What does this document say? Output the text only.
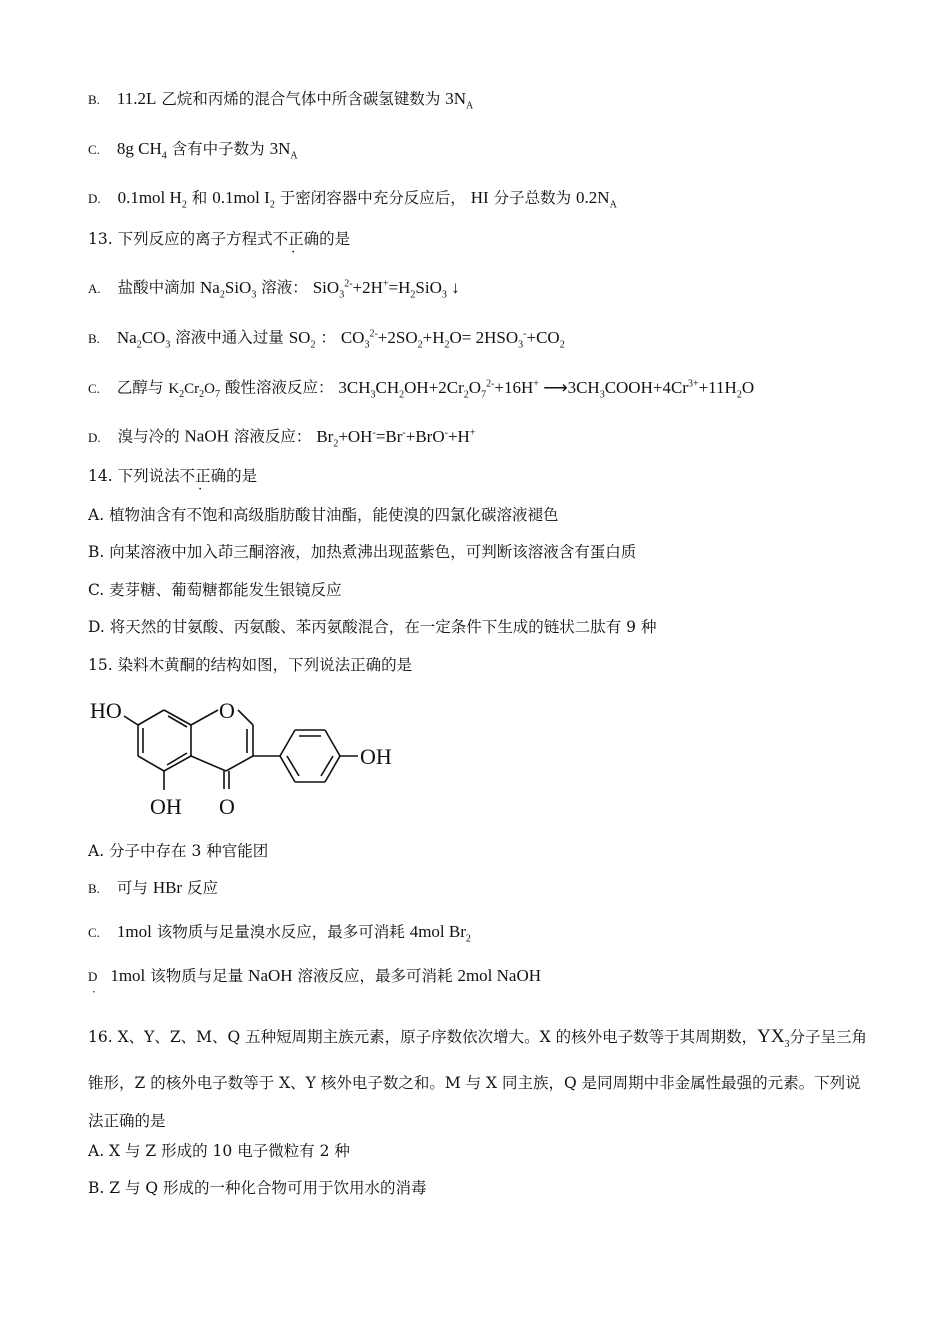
B. 11.2L 乙烷和丙烯的混合气体中所含碳氢键数为 $3N_A$
C. 8g $CH_4$ 含有中子数为 $3N_A$
D. 0.1mol $H_2$ 和 0.1mol $I_2$ 于密闭容器中充分反应后， HI 分子总数为 $0.2N_A$
13. 下列反应的离子方程式不正确的是
A. 盐酸中滴加 $Na_2SiO_3$ 溶液： $SiO_3^{2-}+2H^+=H_2SiO_3$ ↓
B. $Na_2CO_3$ 溶液中通入过量 $SO_2$ ： $CO_3^{2-}+2SO_2+H_2O= 2HSO_3^-+CO_2$
C. 乙醇与 $K_2Cr_2O_7$ 酸性溶液反应： $3CH_3CH_2OH+2Cr_2O_7^{2-}+16H^+$ $⟶3CH_3COOH+4Cr^{3+}+11H_2O$
D. 溴与冷的 NaOH 溶液反应： $Br_2+OH^-=Br^-+BrO^-+H^+$
14. 下列说法不正确的是
A. 植物油含有不饱和高级脂肪酸甘油酯，能使溴的四氯化碳溶液褪色
B. 向某溶液中加入茚三酮溶液，加热煮沸出现蓝紫色，可判断该溶液含有蛋白质
C. 麦芽糖、葡萄糖都能发生银镜反应
D. 将天然的甘氨酸、丙氨酸、苯丙氨酸混合，在一定条件下生成的链状二肽有 9 种
15. 染料木黄酮的结构如图，下列说法正确的是
HO	O
OH
OH O
A. 分子中存在 3 种官能团
B. 可与 HBr 反应
C. 1mol 该物质与足量溴水反应，最多可消耗 4mol $Br_2$
D · 1mol 该物质与足量 NaOH 溶液反应，最多可消耗 2mol NaOH
16. X、Y、Z、M、Q 五种短周期主族元素，原子序数依次增大。X 的核外电子数等于其周期数，$YX_3$分子呈三角锥形，Z 的核外电子数等于 X、Y 核外电子数之和。M 与 X 同主族，Q 是同周期中非金属性最强的元素。下列说法正确的是
A. X 与 Z 形成的 10 电子微粒有 2 种
B. Z 与 Q 形成的一种化合物可用于饮用水的消毒
